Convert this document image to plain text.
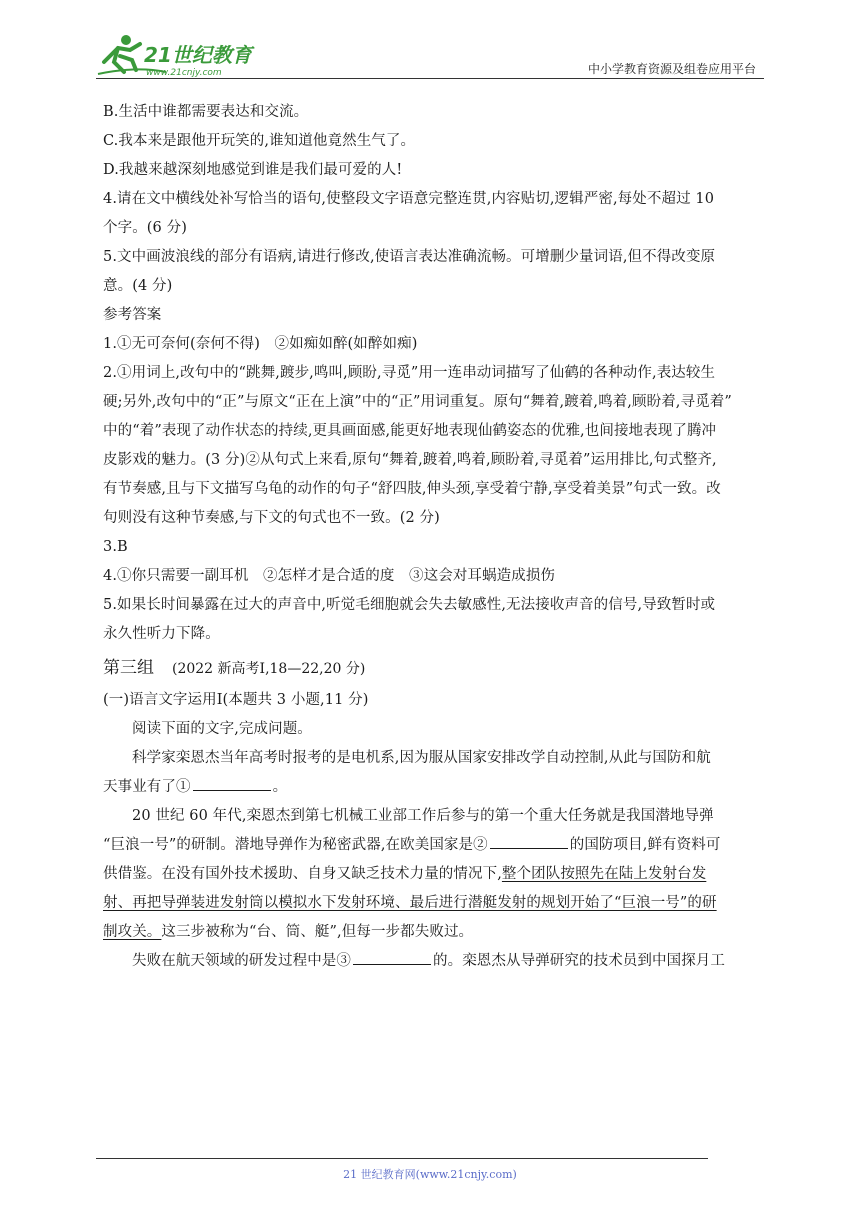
21世纪教育
www.21cnjy.com	中小学教育资源及组卷应用平台
B.生活中谁都需要表达和交流。
C.我本来是跟他开玩笑的,谁知道他竟然生气了。
D.我越来越深刻地感觉到谁是我们最可爱的人!
4.请在文中横线处补写恰当的语句,使整段文字语意完整连贯,内容贴切,逻辑严密,每处不超过 10
个字。(6 分)
5.文中画波浪线的部分有语病,请进行修改,使语言表达准确流畅。可增删少量词语,但不得改变原
意。(4 分)
参考答案
1.①无可奈何(奈何不得)　②如痴如醉(如醉如痴)
2.①用词上,改句中的“跳舞,踱步,鸣叫,顾盼,寻觅”用一连串动词描写了仙鹤的各种动作,表达较生
硬;另外,改句中的“正”与原文“正在上演”中的“正”用词重复。原句“舞着,踱着,鸣着,顾盼着,寻觅着”
中的“着”表现了动作状态的持续,更具画面感,能更好地表现仙鹤姿态的优雅,也间接地表现了腾冲
皮影戏的魅力。(3 分)②从句式上来看,原句“舞着,踱着,鸣着,顾盼着,寻觅着”运用排比,句式整齐,
有节奏感,且与下文描写乌龟的动作的句子“舒四肢,伸头颈,享受着宁静,享受着美景”句式一致。改
句则没有这种节奏感,与下文的句式也不一致。(2 分)
3.B
4.①你只需要一副耳机　②怎样才是合适的度　③这会对耳蜗造成损伤
5.如果长时间暴露在过大的声音中,听觉毛细胞就会失去敏感性,无法接收声音的信号,导致暂时或
永久性听力下降。
第三组 (2022 新高考Ⅰ,18—22,20 分)
(一)语言文字运用Ⅰ(本题共 3 小题,11 分)
阅读下面的文字,完成问题。
科学家栾恩杰当年高考时报考的是电机系,因为服从国家安排改学自动控制,从此与国防和航
天事业有了①	。
20 世纪 60 年代,栾恩杰到第七机械工业部工作后参与的第一个重大任务就是我国潜地导弹
“巨浪一号”的研制。潜地导弹作为秘密武器,在欧美国家是②	的国防项目,鲜有资料可
供借鉴。在没有国外技术援助、自身又缺乏技术力量的情况下,整个团队按照先在陆上发射台发
射、再把导弹装进发射筒以模拟水下发射环境、最后进行潜艇发射的规划开始了“巨浪一号”的研
制攻关。这三步被称为“台、筒、艇”,但每一步都失败过。
失败在航天领域的研发过程中是③	的。栾恩杰从导弹研究的技术员到中国探月工
21 世纪教育网(www.21cnjy.com)
